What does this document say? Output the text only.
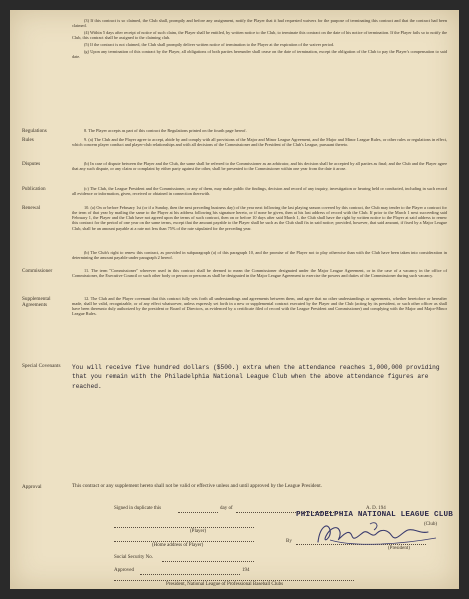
(3) If this contract is so claimed, the Club shall, promptly and before any assignment, notify the Player that it had requested waivers for the purpose of terminating this contract and that the contract had been claimed.

(4) Within 5 days after receipt of notice of such claim, the Player shall be entitled, by written notice to the Club, to terminate this contract on the date of his notice of termination. If the Player fails so to notify the Club, this contract shall be assigned to the claiming club.

(5) If the contract is not claimed, the Club shall promptly deliver written notice of termination to the Player at the expiration of the waiver period.

(g) Upon any termination of this contract by the Player, all obligations of both parties hereunder shall cease on the date of termination, except the obligation of the Club to pay the Player's compensation to said date.

Regulations	8. The Player accepts as part of this contract the Regulations printed on the fourth page hereof.
Rules	9. (a) The Club and the Player agree to accept, abide by and comply with all provisions of the Major and Minor League Agreement, and the Major and Minor League Rules, or other rules or regulations in effect, which concern player conduct and player-club relationships and with all decisions of the Commissioner and the President of the Club's League, pursuant thereto.
Disputes	(b) In case of dispute between the Player and the Club, the same shall be referred to the Commissioner as an arbitrator, and his decision shall be accepted by all parties as final; and the Club and the Player agree that any such dispute, or any claim or complaint by either party against the other, shall be presented to the Commissioner within one year from the date it arose.
Publication	(c) The Club, the League President and the Commissioner, or any of them, may make public the findings, decision and record of any inquiry, investigation or hearing held or conducted, including in such record all evidence or information, given, received or obtained in connection therewith.
Renewal	10. (a) On or before February 1st (or if a Sunday, then the next preceding business day) of the year next following the last playing season covered by this contract, the Club may tender to the Player a contract for the term of that year by mailing the same to the Player at his address following his signature hereto, or if none be given, then at his last address of record with the Club. If prior to the March 1 next succeeding said February 1, the Player and the Club have not agreed upon the terms of such contract, then on or before 10 days after said March 1, the Club shall have the right by written notice to the Player at said address to renew this contract for the period of one year on the same terms, except that the amount payable to the Player shall be such as the Club shall fix in said notice; provided, however, that said amount, if fixed by a Major League Club, shall be an amount payable at a rate not less than 75% of the rate stipulated for the preceding year.
(b) The Club's right to renew this contract, as provided in subparagraph (a) of this paragraph 10, and the promise of the Player not to play otherwise than with the Club have been taken into consideration in determining the amount payable under paragraph 2 hereof.
Commissioner	11. The term "Commissioner" wherever used in this contract shall be deemed to mean the Commissioner designated under the Major League Agreement, or in the case of a vacancy in the office of Commissioner, the Executive Council or such other body or person or persons as shall be designated in the Major League Agreement to exercise the powers and duties of the Commissioner during such vacancy.
Supplemental Agreements
12. The Club and the Player covenant that this contract fully sets forth all understandings and agreements between them, and agree that no other understandings or agreements, whether heretofore or hereafter made, shall be valid, recognizable, or of any effect whatsoever, unless expressly set forth in a new or supplemental contract executed by the Player and the Club (acting by its president, or such other officer as shall have been thereunto duly authorized by the president or Board of Directors, as evidenced by a certificate filed of record with the League President and Commissioner) and complying with the Major and Major-Minor League Rules.
Special Covenants	You will receive five hundred dollars ($500.) extra when the attendance reaches 1,000,000 providing that you remain with the Philadelphia National League Club when the above attendance figures are reached.
Approval	This contract or any supplement hereto shall not be valid or effective unless and until approved by the League President.
Signed in duplicate this	day of	A. D. 194
PHILADELPHIA NATIONAL LEAGUE CLUB
(Club)
(Player)
By
(President)
(Home address of Player)
Social Security No.
Approved	194
President, National League of Professional Baseball Clubs
